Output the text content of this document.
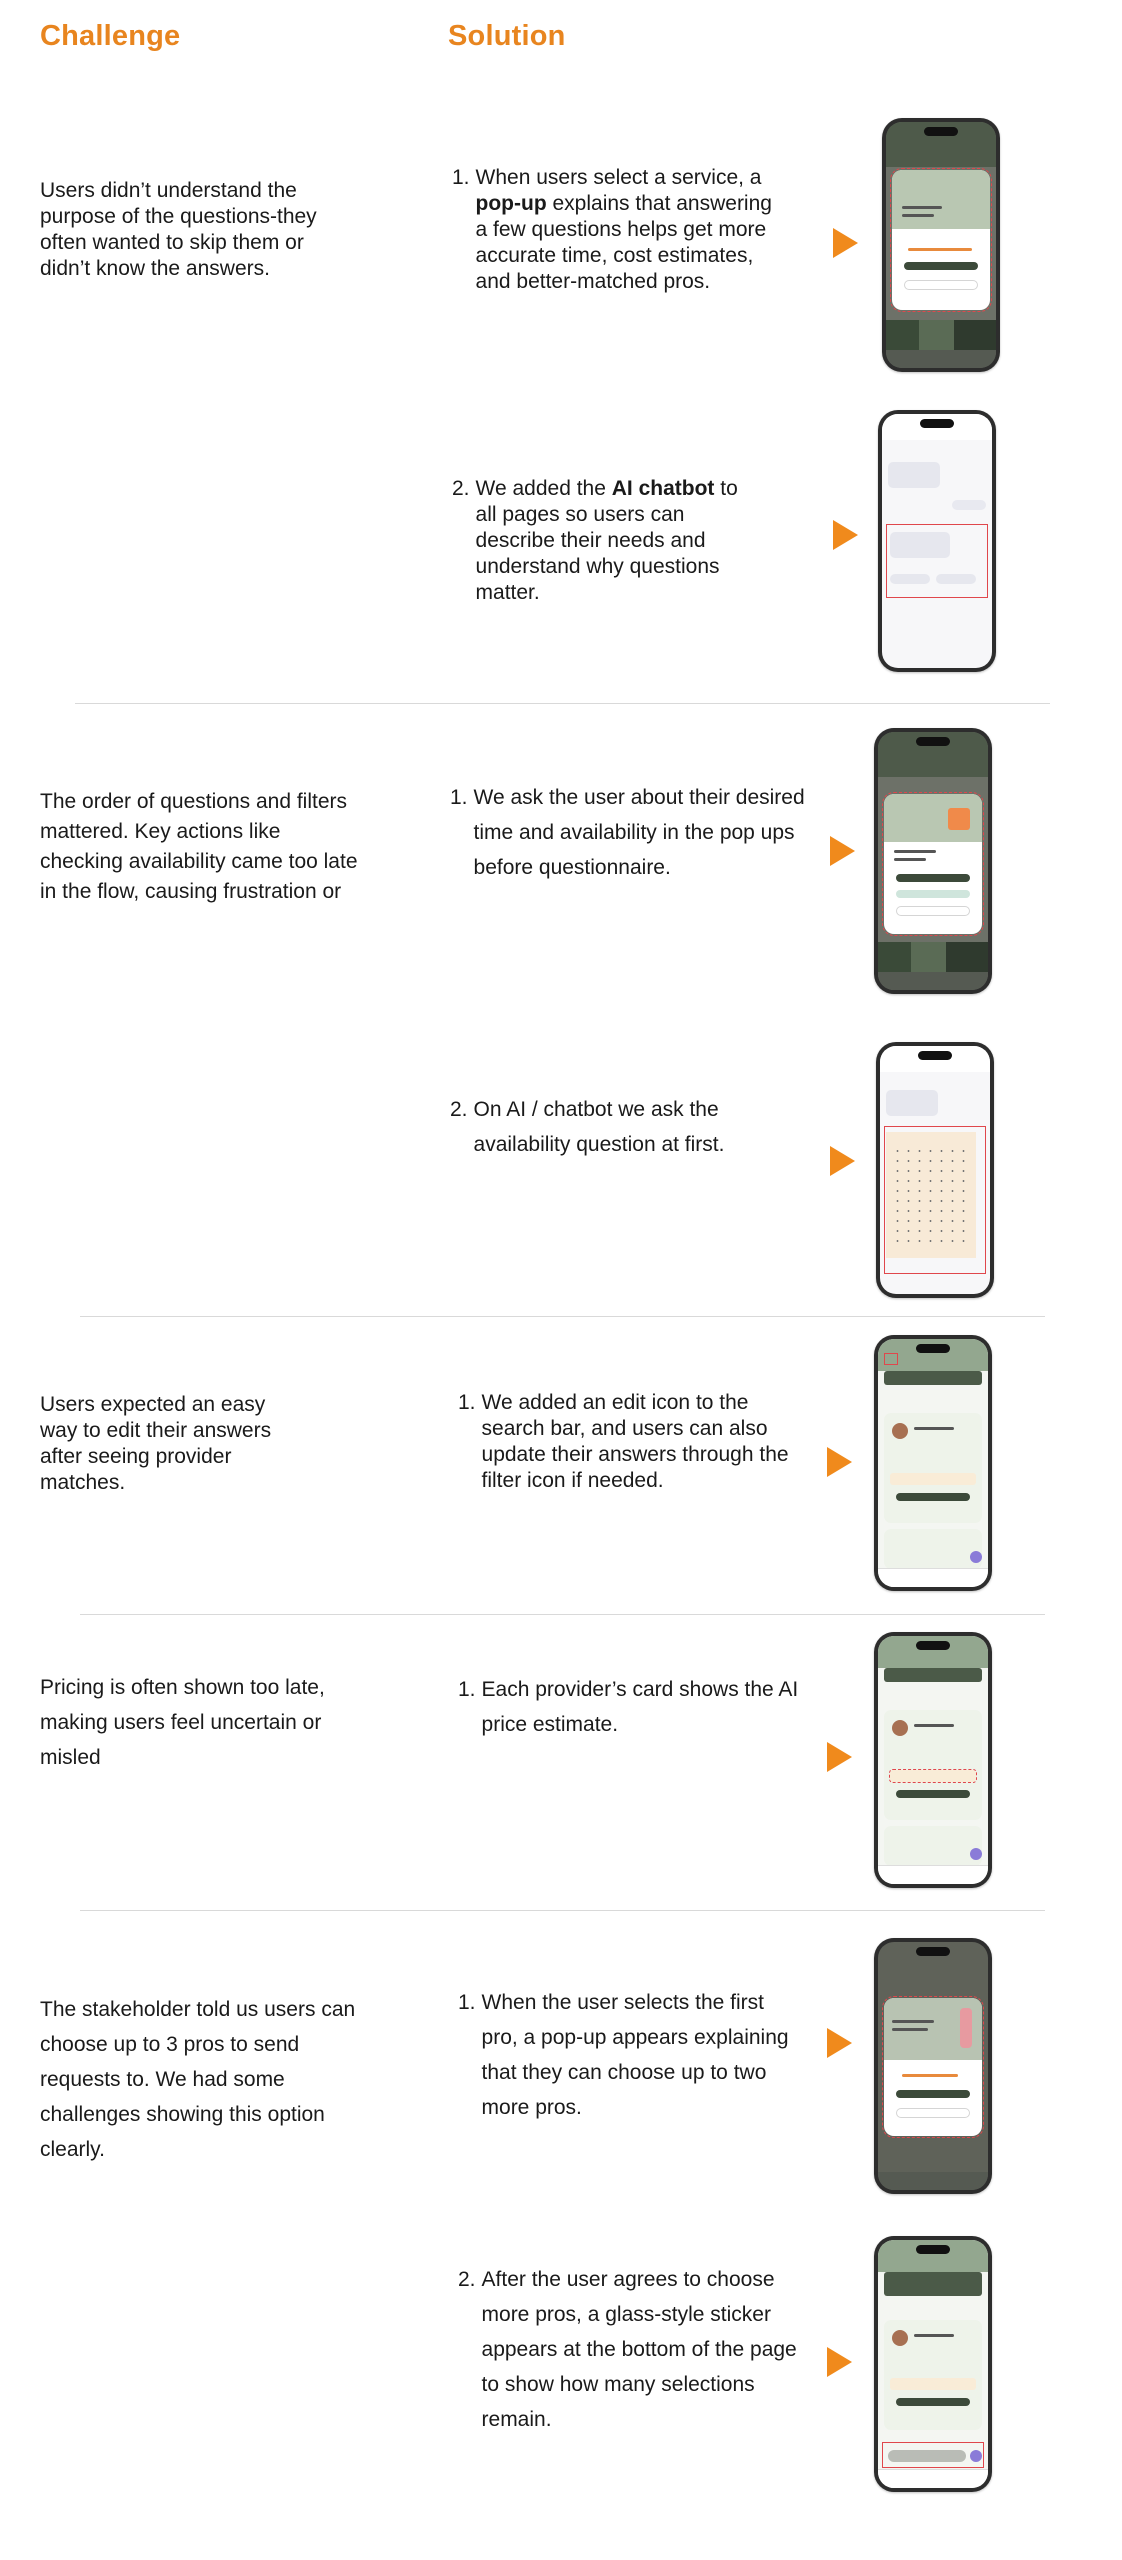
Challenge	Solution
Users didn’t understand the purpose of the questions-they often wanted to skip them or didn’t know the answers.
1. When users select a service, a pop-up explains that answering a few questions helps get more accurate time, cost estimates, and better-matched pros.
2. We added the AI chatbot to all pages so users can describe their needs and understand why questions matter.
The order of questions and filters mattered. Key actions like checking availability came too late in the flow, causing frustration or
1. We ask the user about their desired time and availability in the pop ups before questionnaire.
2. On AI / chatbot we ask the availability question at first.
Users expected an easy way to edit their answers after seeing provider matches.
1. We added an edit icon to the search bar, and users can also update their answers through the filter icon if needed.
Pricing is often shown too late, making users feel uncertain or misled
1. Each provider’s card shows the AI price estimate.
The stakeholder told us users can choose up to 3 pros to send requests to. We had some challenges showing this option clearly.
1. When the user selects the first pro, a pop-up appears explaining that they can choose up to two more pros.
2. After the user agrees to choose more pros, a glass-style sticker appears at the bottom of the page to show how many selections remain.
